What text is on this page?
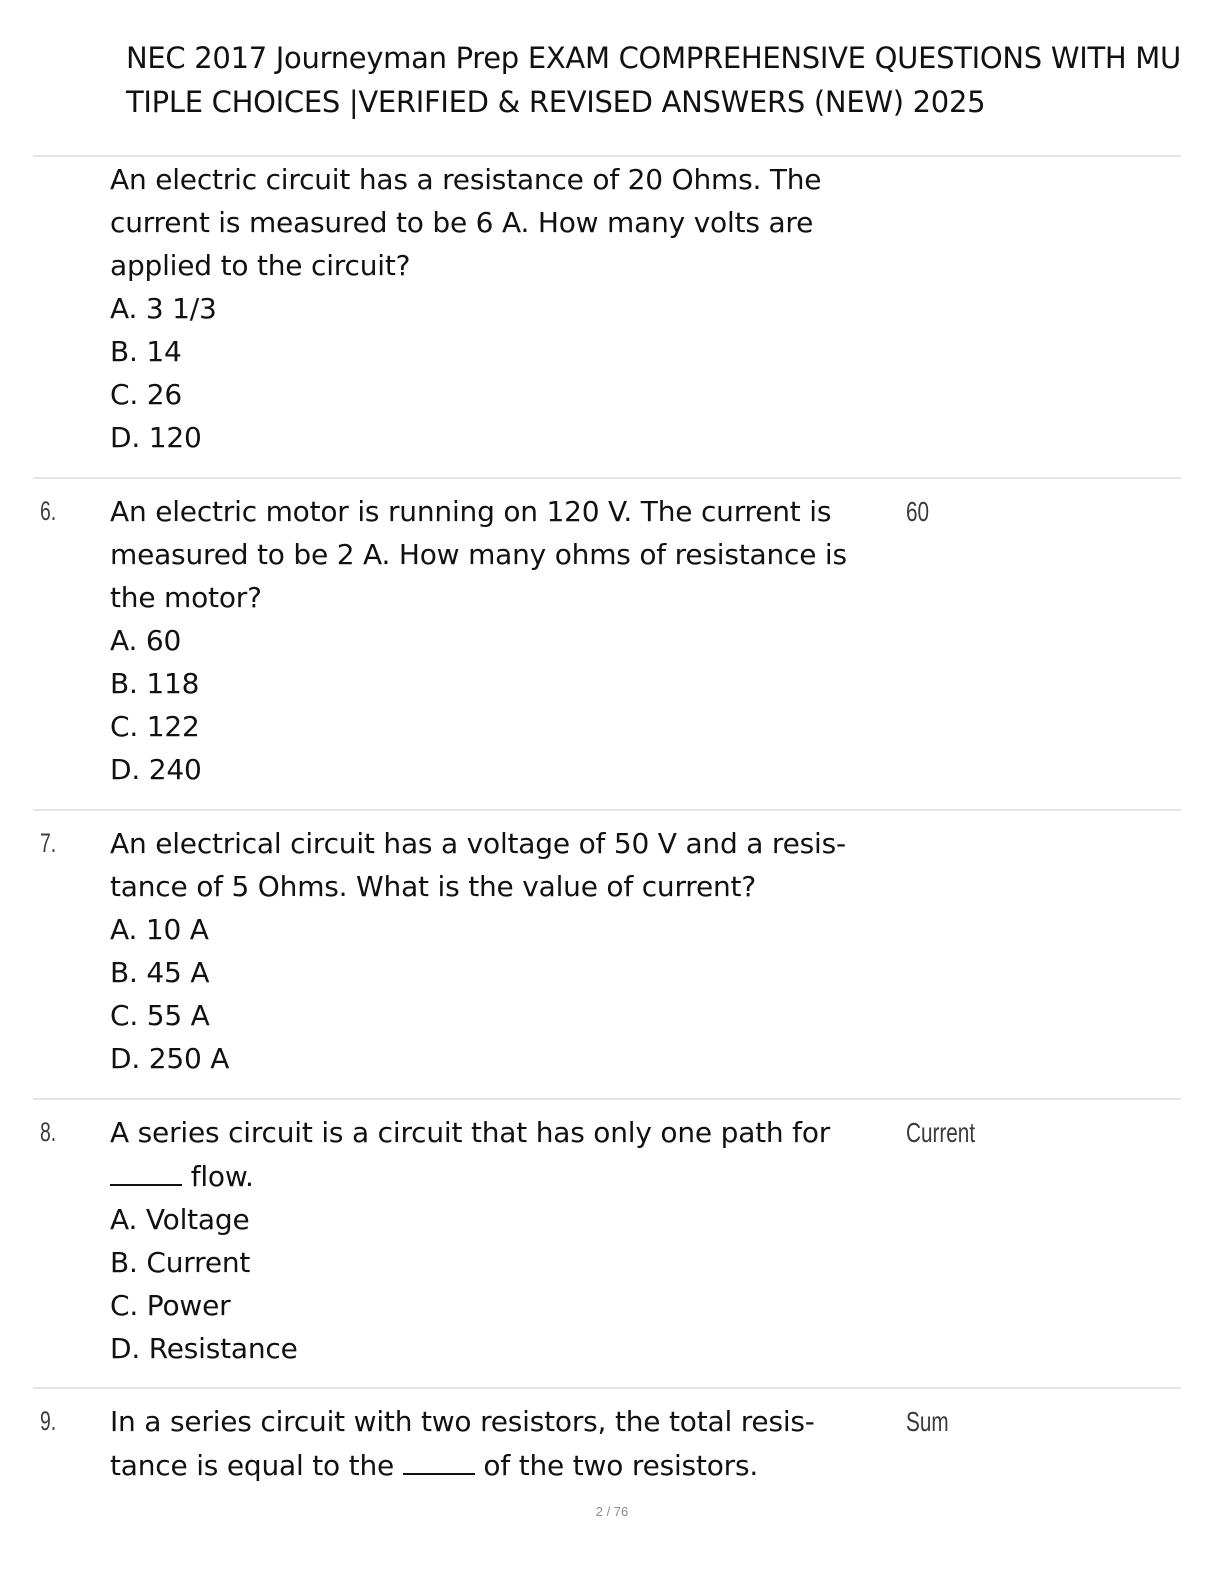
NEC 2017 Journeyman Prep EXAM COMPREHENSIVE QUESTIONS WITH MU
TIPLE CHOICES |VERIFIED & REVISED ANSWERS (NEW) 2025
An electric circuit has a resistance of 20 Ohms. The
current is measured to be 6 A. How many volts are
applied to the circuit?
A. 3 1/3
B. 14
C. 26
D. 120
6. An electric motor is running on 120 V. The current is
measured to be 2 A. How many ohms of resistance is
the motor?
A. 60
B. 118
C. 122
D. 240
60
7. An electrical circuit has a voltage of 50 V and a resis-
tance of 5 Ohms. What is the value of current?
A. 10 A
B. 45 A
C. 55 A
D. 250 A
8. A series circuit is a circuit that has only one path for
flow.
A. Voltage
B. Current
C. Power
D. Resistance
Current
9. In a series circuit with two resistors, the total resis-
tance is equal to the	of the two resistors.
Sum
2 / 76
